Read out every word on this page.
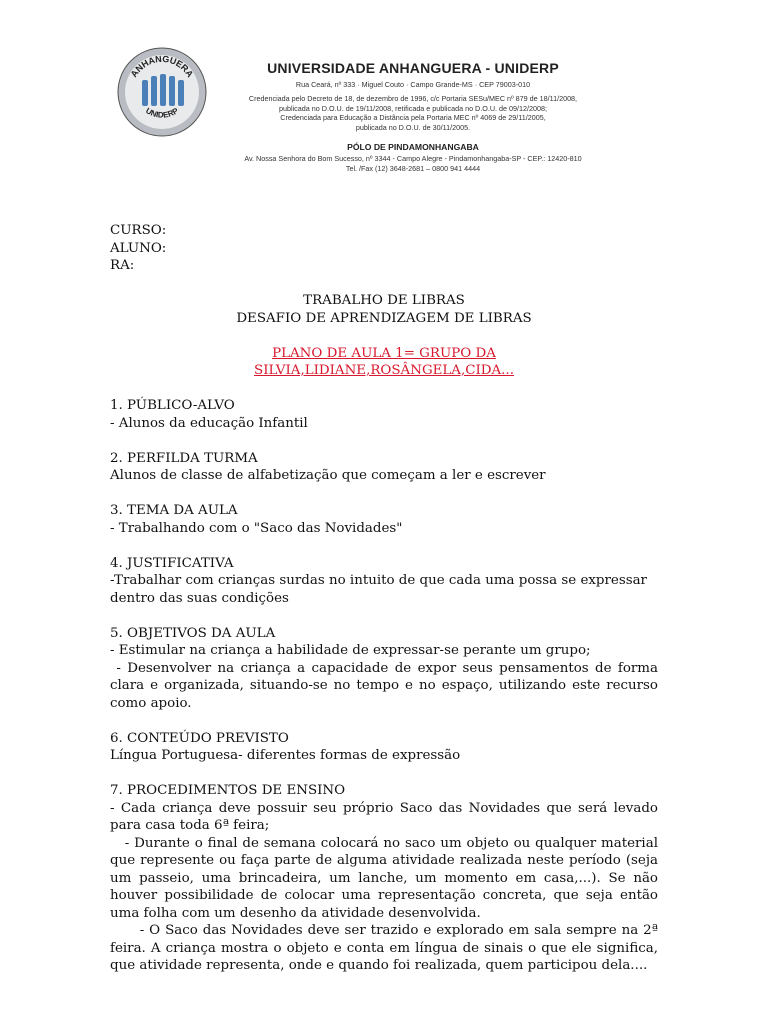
ANHANGUERA
UNIDERP
UNIVERSIDADE ANHANGUERA - UNIDERP
Rua Ceará, nº 333 · Miguel Couto · Campo Grande-MS · CEP 79003-010
Credenciada pelo Decreto de 18, de dezembro de 1996, c/c Portaria SESu/MEC nº 879 de 18/11/2008,
publicada no D.O.U. de 19/11/2008, retificada e publicada no D.O.U. de 09/12/2008;
Credenciada para Educação a Distância pela Portaria MEC nº 4069 de 29/11/2005,
publicada no D.O.U. de 30/11/2005.
PÓLO DE PINDAMONHANGABA
Av. Nossa Senhora do Bom Sucesso, nº 3344 - Campo Alegre - Pindamonhangaba-SP - CEP.: 12420-810
Tel. /Fax (12) 3648-2681 – 0800 941 4444
CURSO:
ALUNO:
RA:

TRABALHO DE LIBRAS

DESAFIO DE APRENDIZAGEM DE LIBRAS

PLANO DE AULA 1= GRUPO DA

SILVIA,LIDIANE,ROSÂNGELA,CIDA...

1. PÚBLICO-ALVO

- Alunos da educação Infantil

2. PERFILDA TURMA

Alunos de classe de alfabetização que começam a ler e escrever

3. TEMA DA AULA

- Trabalhando com o "Saco das Novidades"

4. JUSTIFICATIVA

-Trabalhar com crianças surdas no intuito de que cada uma possa se expressar dentro das suas condições

5. OBJETIVOS DA AULA

- Estimular na criança a habilidade de expressar-se perante um grupo;

- Desenvolver na criança a capacidade de expor seus pensamentos de forma clara e organizada, situando-se no tempo e no espaço, utilizando este recurso como apoio.

6. CONTEÚDO PREVISTO

Língua Portuguesa- diferentes formas de expressão

7. PROCEDIMENTOS DE ENSINO

- Cada criança deve possuir seu próprio Saco das Novidades que será levado para casa toda 6ª feira;

- Durante o final de semana colocará no saco um objeto ou qualquer material que represente ou faça parte de alguma atividade realizada neste período (seja um passeio, uma brincadeira, um lanche, um momento em casa,...). Se não houver possibilidade de colocar uma representação concreta, que seja então uma folha com um desenho da atividade desenvolvida.

- O Saco das Novidades deve ser trazido e explorado em sala sempre na 2ª feira. A criança mostra o objeto e conta em língua de sinais o que ele significa, que atividade representa, onde e quando foi realizada, quem participou dela....
